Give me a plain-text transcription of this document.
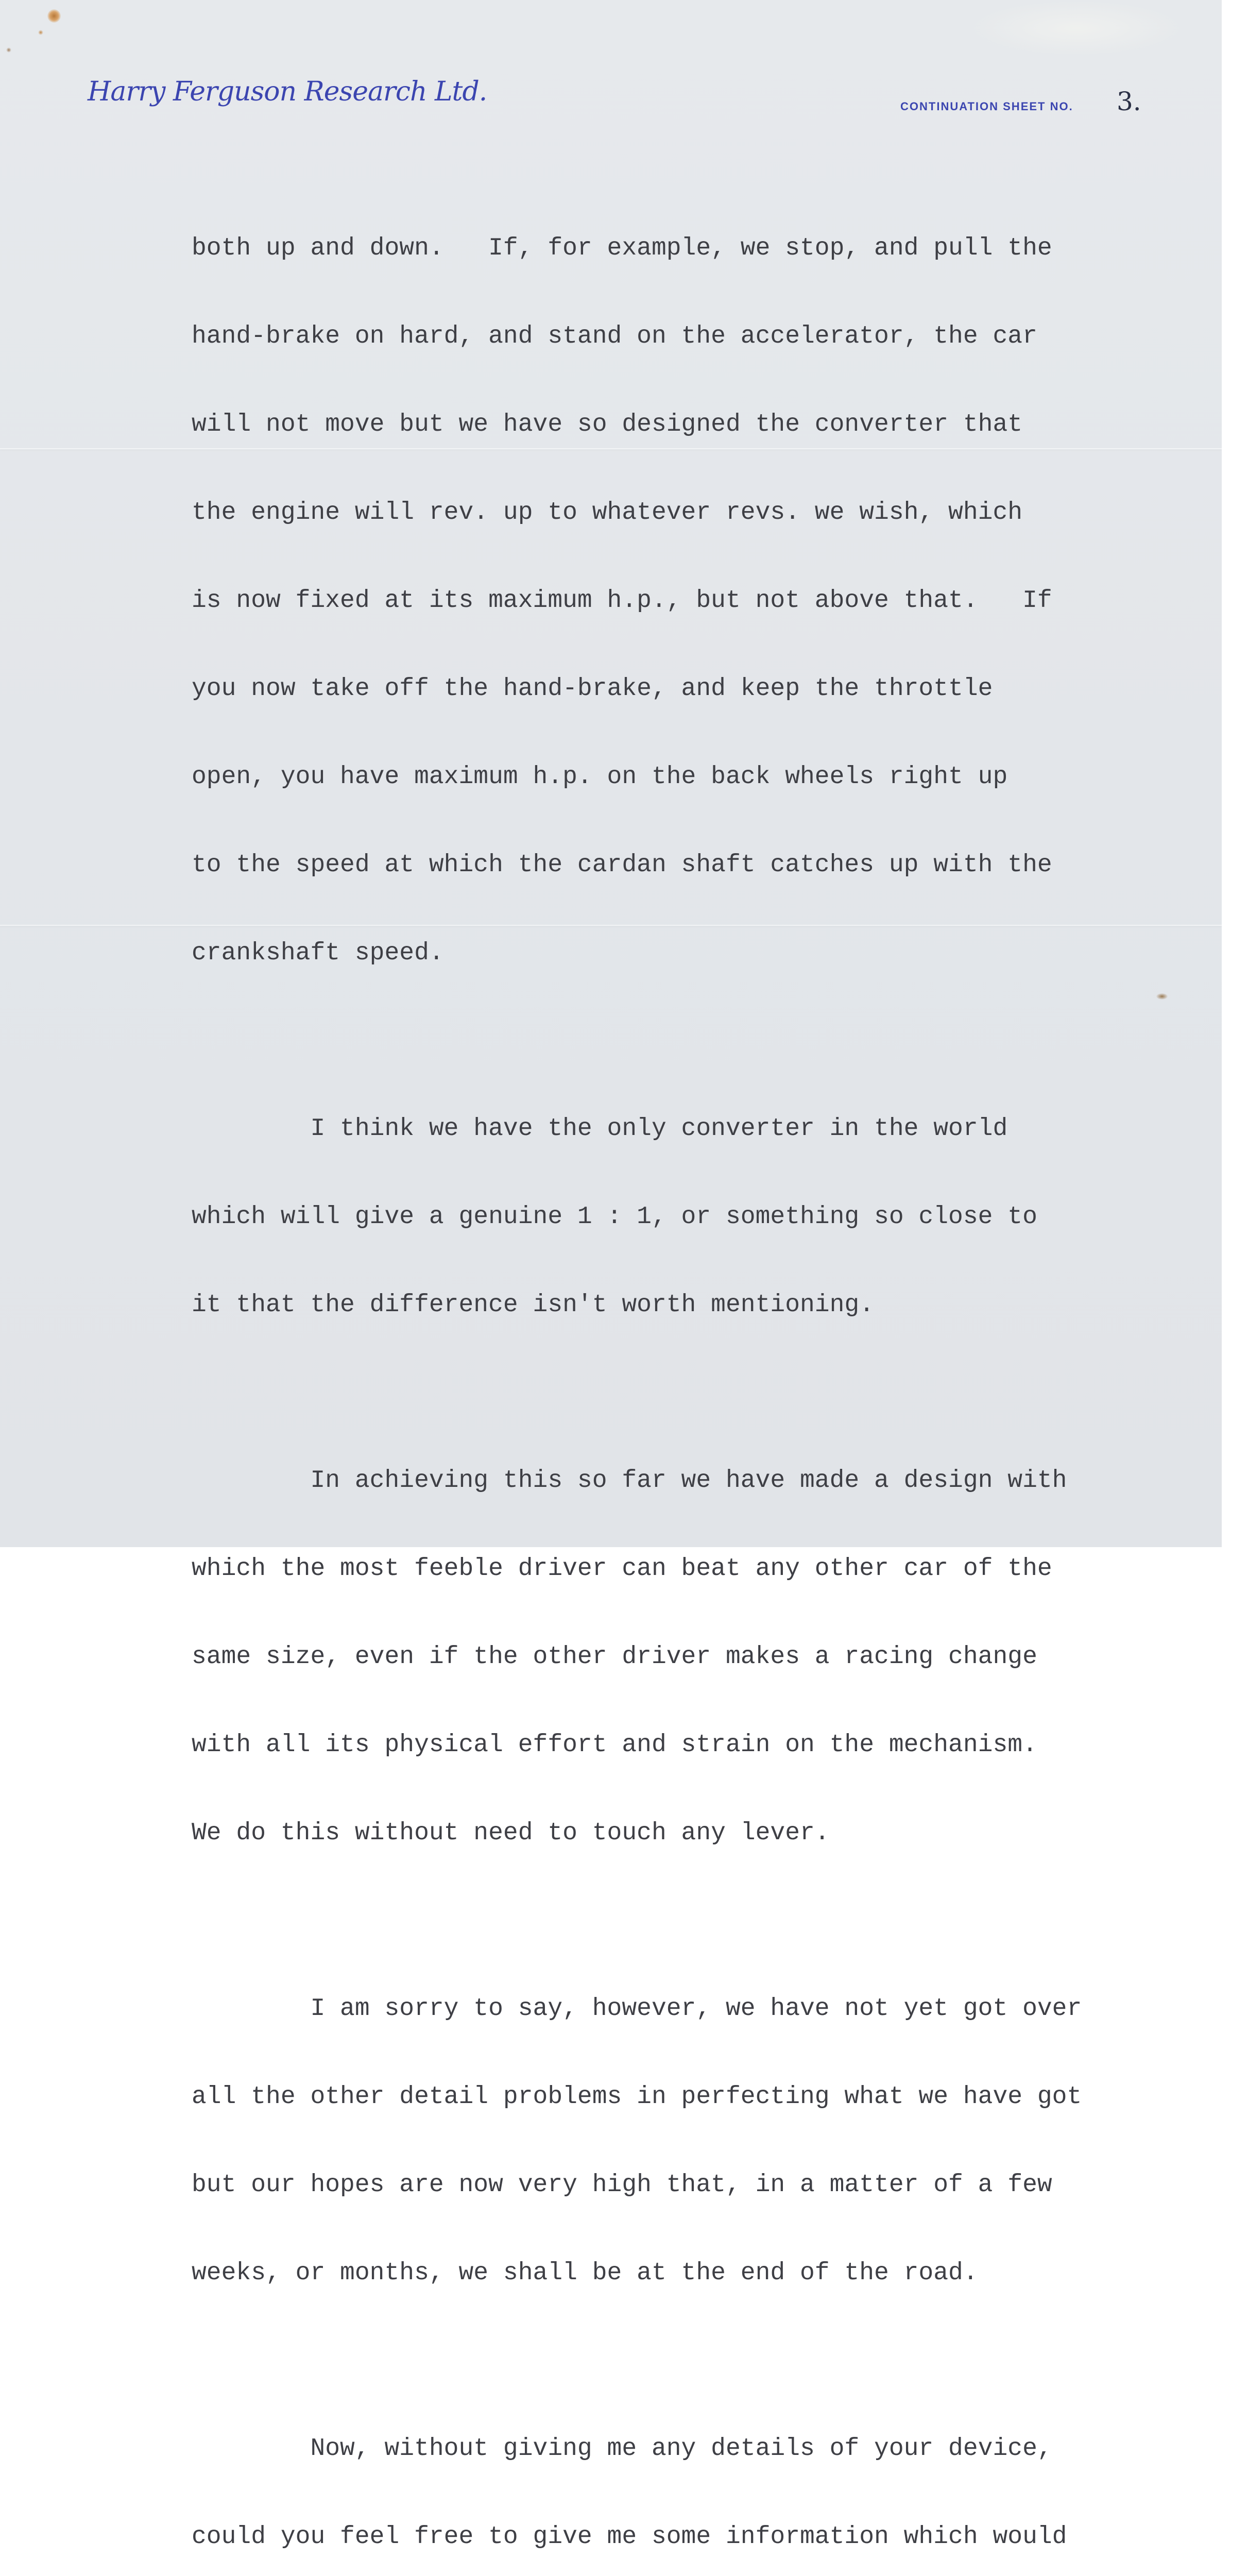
Harry Ferguson Research Ltd.	CONTINUATION SHEET NO. 3.

both up and down.   If, for example, we stop, and pull the

hand-brake on hard, and stand on the accelerator, the car

will not move but we have so designed the converter that

the engine will rev. up to whatever revs. we wish, which

is now fixed at its maximum h.p., but not above that.   If

you now take off the hand-brake, and keep the throttle

open, you have maximum h.p. on the back wheels right up

to the speed at which the cardan shaft catches up with the

crankshaft speed.

I think we have the only converter in the world

which will give a genuine 1 : 1, or something so close to

it that the difference isn't worth mentioning.

In achieving this so far we have made a design with

which the most feeble driver can beat any other car of the

same size, even if the other driver makes a racing change

with all its physical effort and strain on the mechanism.

We do this without need to touch any lever.

I am sorry to say, however, we have not yet got over

all the other detail problems in perfecting what we have got

but our hopes are now very high that, in a matter of a few

weeks, or months, we shall be at the end of the road.

Now, without giving me any details of your device,

could you feel free to give me some information which would
